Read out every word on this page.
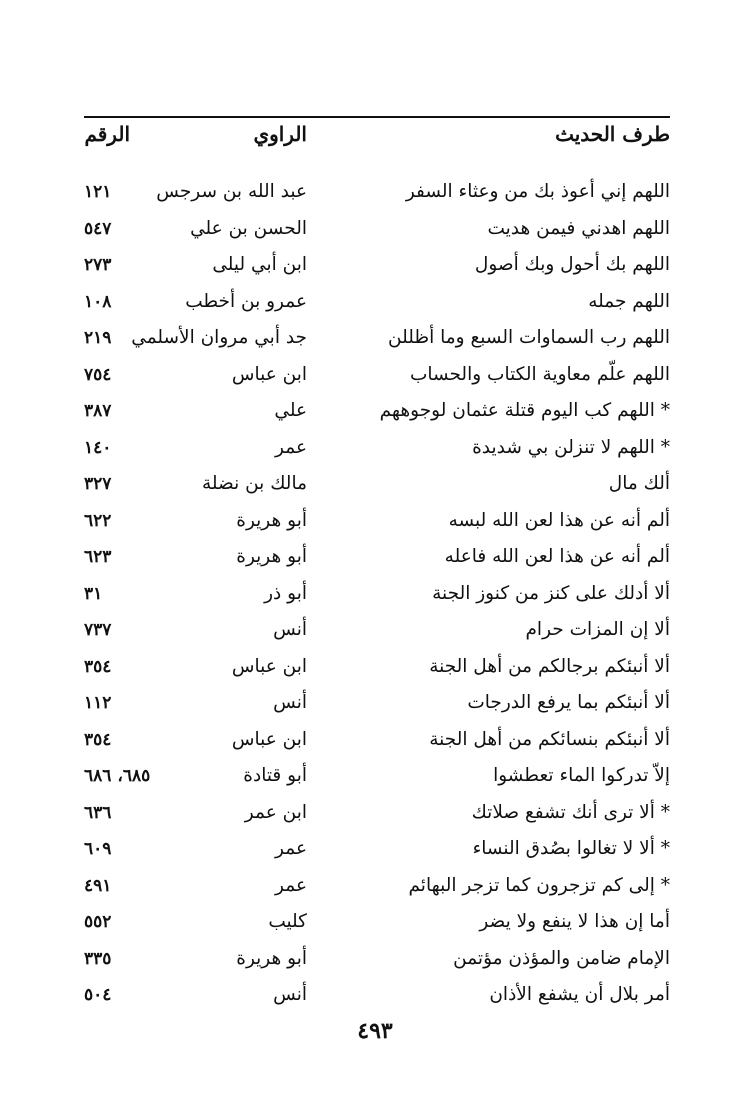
طرف الحديث
الراوي
الرقم
اللهم إني أعوذ بك من وعثاء السفر
عبد الله بن سرجس
١٢١
اللهم اهدني فيمن هديت
الحسن بن علي
٥٤٧
اللهم بك أحول وبك أصول
ابن أبي ليلى
٢٧٣
اللهم جمله
عمرو بن أخطب
١٠٨
اللهم رب السماوات السبع وما أظللن
جد أبي مروان الأسلمي
٢١٩
اللهم علّم معاوية الكتاب والحساب
ابن عباس
٧٥٤
* اللهم كب اليوم قتلة عثمان لوجوههم
علي
٣٨٧
* اللهم لا تنزلن بي شديدة
عمر
١٤٠
ألك مال
مالك بن نضلة
٣٢٧
ألم أنه عن هذا لعن الله لبسه
أبو هريرة
٦٢٢
ألم أنه عن هذا لعن الله فاعله
أبو هريرة
٦٢٣
ألا أدلك على كنز من كنوز الجنة
أبو ذر
٣١
ألا إن المزات حرام
أنس
٧٣٧
ألا أنبئكم برجالكم من أهل الجنة
ابن عباس
٣٥٤
ألا أنبئكم بما يرفع الدرجات
أنس
١١٢
ألا أنبئكم بنسائكم من أهل الجنة
ابن عباس
٣٥٤
إلاّ تدركوا الماء تعطشوا
أبو قتادة
٦٨٥، ٦٨٦
* ألا ترى أنك تشفع صلاتك
ابن عمر
٦٣٦
* ألا لا تغالوا بصُدق النساء
عمر
٦٠٩
* إلى كم تزجرون كما تزجر البهائم
عمر
٤٩١
أما إن هذا لا ينفع ولا يضر
كليب
٥٥٢
الإمام ضامن والمؤذن مؤتمن
أبو هريرة
٣٣٥
أمر بلال أن يشفع الأذان
أنس
٥٠٤
٤٩٣
